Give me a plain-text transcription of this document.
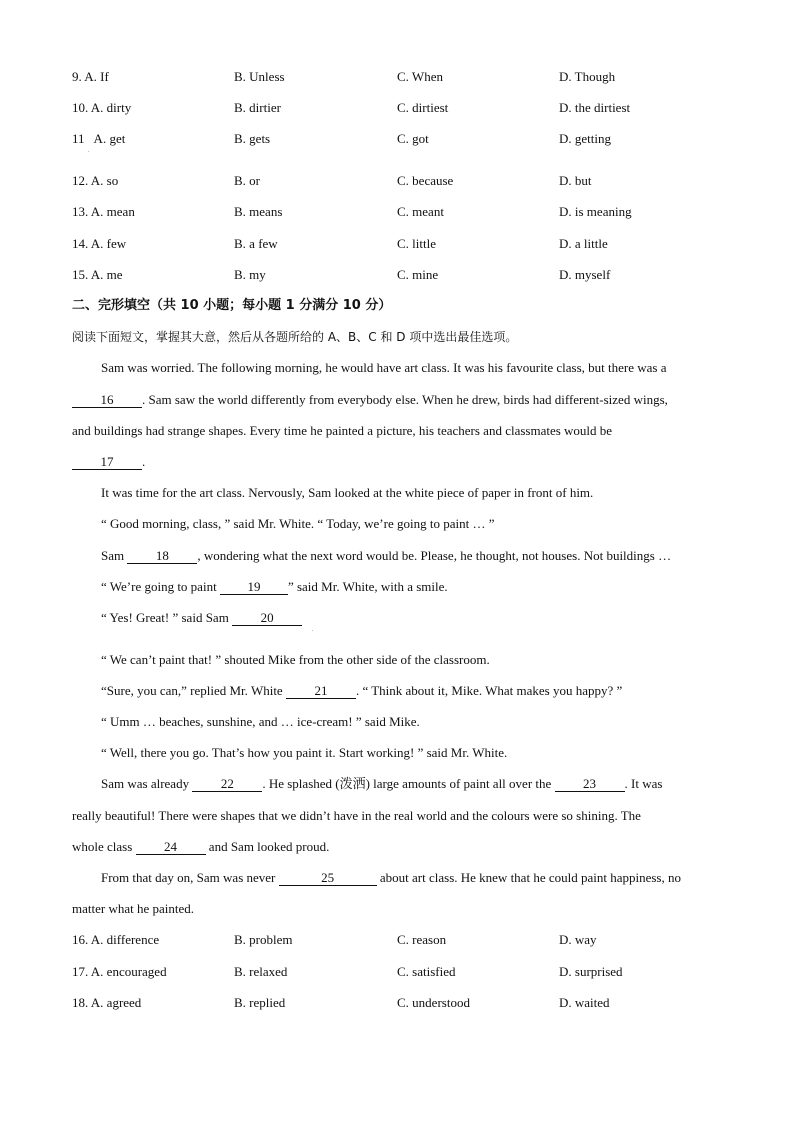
9. A. If	B. Unless	C. When	D. Though
10. A. dirty	B. dirtier	C. dirtiest	D. the dirtiest
11   A. get	B. gets	C. got	D. getting
.
12. A. so	B. or	C. because	D. but
13. A. mean	B. means	C. meant	D. is meaning
14. A. few	B. a few	C. little	D. a little
15. A. me	B. my	C. mine	D. myself
二、完形填空（共 10 小题；每小题 1 分满分 10 分）
阅读下面短文，掌握其大意，然后从各题所给的 A、B、C 和 D 项中选出最佳选项。
Sam was worried. The following morning, he would have art class. It was his favourite class, but there was a
16 . Sam saw the world differently from everybody else. When he drew, birds had different-sized wings,
and buildings had strange shapes. Every time he painted a picture, his teachers and classmates would be
17 .
It was time for the art class. Nervously, Sam looked at the white piece of paper in front of him.
“ Good morning, class, ” said Mr. White. “ Today, we’re going to paint … ”
Sam 18 , wondering what the next word would be. Please, he thought, not houses. Not buildings …
“ We’re going to paint 19 ” said Mr. White, with a smile.
“ Yes! Great! ” said Sam 20
.
“ We can’t paint that! ” shouted Mike from the other side of the classroom.
“Sure, you can,” replied Mr. White 21 . “ Think about it, Mike. What makes you happy? ”
“ Umm … beaches, sunshine, and … ice-cream! ” said Mike.
“ Well, there you go. That’s how you paint it. Start working! ” said Mr. White.
Sam was already 22 . He splashed (泼洒) large amounts of paint all over the 23 . It was
really beautiful! There were shapes that we didn’t have in the real world and the colours were so shining. The
whole class 24 and Sam looked proud.
From that day on, Sam was never	25	about art class. He knew that he could paint happiness, no
matter what he painted.
16. A. difference	B. problem	C. reason	D. way
17. A. encouraged	B. relaxed	C. satisfied	D. surprised
18. A. agreed	B. replied	C. understood	D. waited
